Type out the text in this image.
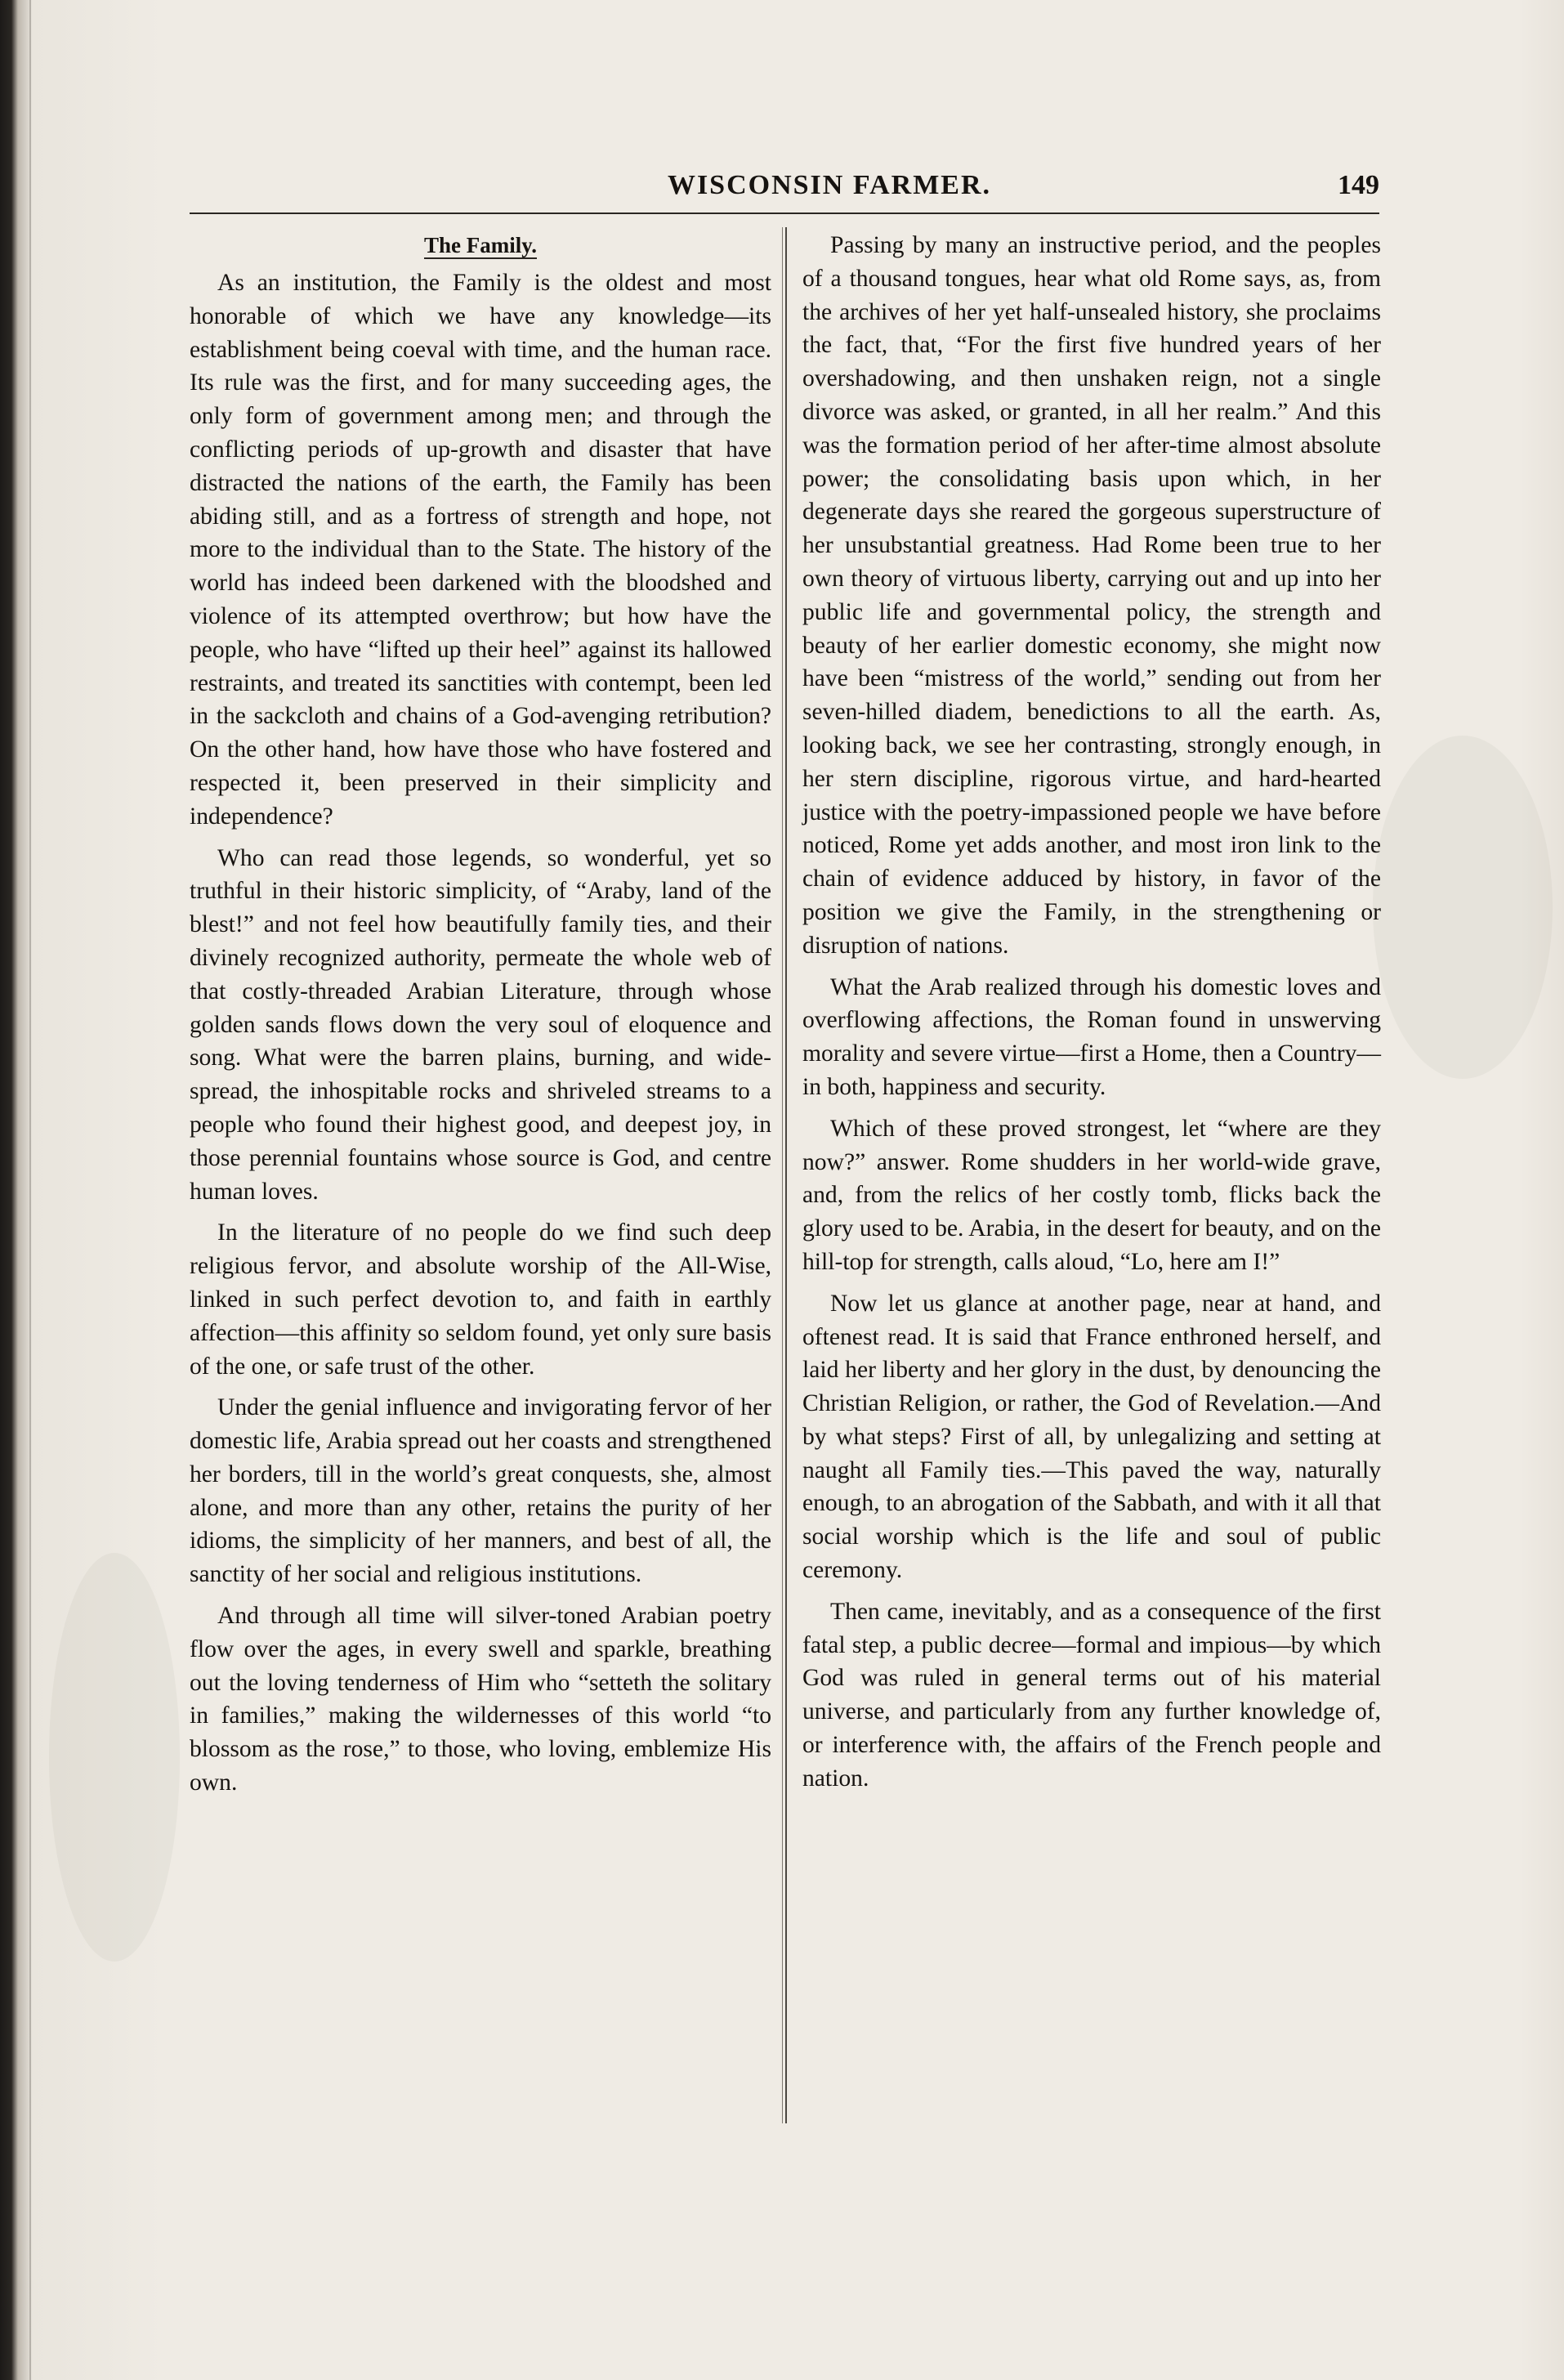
WISCONSIN FARMER.	149
The Family.

As an institution, the Family is the oldest and most honorable of which we have any knowledge—its establishment being coeval with time, and the human race. Its rule was the first, and for many succeeding ages, the only form of government among men; and through the conflicting periods of up-growth and disaster that have distracted the nations of the earth, the Family has been abiding still, and as a fortress of strength and hope, not more to the individual than to the State. The history of the world has indeed been darkened with the bloodshed and violence of its attempted overthrow; but how have the people, who have “lifted up their heel” against its hallowed restraints, and treated its sanctities with contempt, been led in the sackcloth and chains of a God-avenging retribution? On the other hand, how have those who have fostered and respected it, been preserved in their simplicity and independence?

Who can read those legends, so wonderful, yet so truthful in their historic simplicity, of “Araby, land of the blest!” and not feel how beautifully family ties, and their divinely recognized authority, permeate the whole web of that costly-threaded Arabian Literature, through whose golden sands flows down the very soul of eloquence and song. What were the barren plains, burning, and wide-spread, the inhospitable rocks and shriveled streams to a people who found their highest good, and deepest joy, in those perennial fountains whose source is God, and centre human loves.

In the literature of no people do we find such deep religious fervor, and absolute worship of the All-Wise, linked in such perfect devotion to, and faith in earthly affection—this affinity so seldom found, yet only sure basis of the one, or safe trust of the other.

Under the genial influence and invigorating fervor of her domestic life, Arabia spread out her coasts and strengthened her borders, till in the world’s great conquests, she, almost alone, and more than any other, retains the purity of her idioms, the simplicity of her manners, and best of all, the sanctity of her social and religious institutions.

And through all time will silver-toned Arabian poetry flow over the ages, in every swell and sparkle, breathing out the loving tenderness of Him who “setteth the solitary in families,” making the wildernesses of this world “to blossom as the rose,” to those, who loving, emblemize His own.

Passing by many an instructive period, and the peoples of a thousand tongues, hear what old Rome says, as, from the archives of her yet half-unsealed history, she proclaims the fact, that, “For the first five hundred years of her overshadowing, and then unshaken reign, not a single divorce was asked, or granted, in all her realm.” And this was the formation period of her after-time almost absolute power; the consolidating basis upon which, in her degenerate days she reared the gorgeous superstructure of her unsubstantial greatness. Had Rome been true to her own theory of virtuous liberty, carrying out and up into her public life and governmental policy, the strength and beauty of her earlier domestic economy, she might now have been “mistress of the world,” sending out from her seven-hilled diadem, benedictions to all the earth. As, looking back, we see her contrasting, strongly enough, in her stern discipline, rigorous virtue, and hard-hearted justice with the poetry-impassioned people we have before noticed, Rome yet adds another, and most iron link to the chain of evidence adduced by history, in favor of the position we give the Family, in the strengthening or disruption of nations.

What the Arab realized through his domestic loves and overflowing affections, the Roman found in unswerving morality and severe virtue—first a Home, then a Country—in both, happiness and security.

Which of these proved strongest, let “where are they now?” answer. Rome shudders in her world-wide grave, and, from the relics of her costly tomb, flicks back the glory used to be. Arabia, in the desert for beauty, and on the hill-top for strength, calls aloud, “Lo, here am I!”

Now let us glance at another page, near at hand, and oftenest read. It is said that France enthroned herself, and laid her liberty and her glory in the dust, by denouncing the Christian Religion, or rather, the God of Revelation.—And by what steps? First of all, by unlegalizing and setting at naught all Family ties.—This paved the way, naturally enough, to an abrogation of the Sabbath, and with it all that social worship which is the life and soul of public ceremony.

Then came, inevitably, and as a consequence of the first fatal step, a public decree—formal and impious—by which God was ruled in general terms out of his material universe, and particularly from any further knowledge of, or interference with, the affairs of the French people and nation.
